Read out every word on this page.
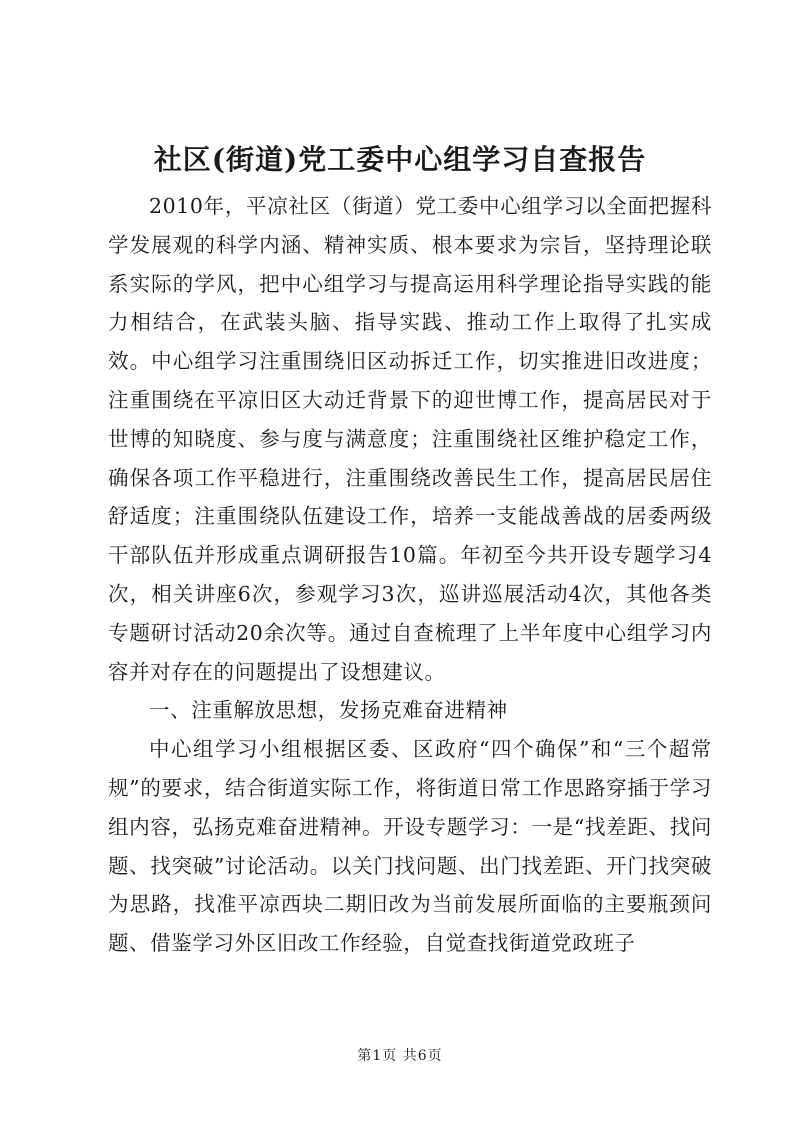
社区(街道)党工委中心组学习自查报告

2010年，平凉社区（街道）党工委中心组学习以全面把握科学发展观的科学内涵、精神实质、根本要求为宗旨，坚持理论联系实际的学风，把中心组学习与提高运用科学理论指导实践的能力相结合，在武装头脑、指导实践、推动工作上取得了扎实成效。中心组学习注重围绕旧区动拆迁工作，切实推进旧改进度；注重围绕在平凉旧区大动迁背景下的迎世博工作，提高居民对于世博的知晓度、参与度与满意度；注重围绕社区维护稳定工作，确保各项工作平稳进行，注重围绕改善民生工作，提高居民居住舒适度；注重围绕队伍建设工作，培养一支能战善战的居委两级干部队伍并形成重点调研报告10篇。年初至今共开设专题学习4次，相关讲座6次，参观学习3次，巡讲巡展活动4次，其他各类专题研讨活动20余次等。通过自查梳理了上半年度中心组学习内容并对存在的问题提出了设想建议。

一、注重解放思想，发扬克难奋进精神

中心组学习小组根据区委、区政府“四个确保”和“三个超常规”的要求，结合街道实际工作，将街道日常工作思路穿插于学习组内容，弘扬克难奋进精神。开设专题学习：一是“找差距、找问题、找突破”讨论活动。以关门找问题、出门找差距、开门找突破为思路，找准平凉西块二期旧改为当前发展所面临的主要瓶颈问题、借鉴学习外区旧改工作经验，自觉查找街道党政班子

第1页 共6页
